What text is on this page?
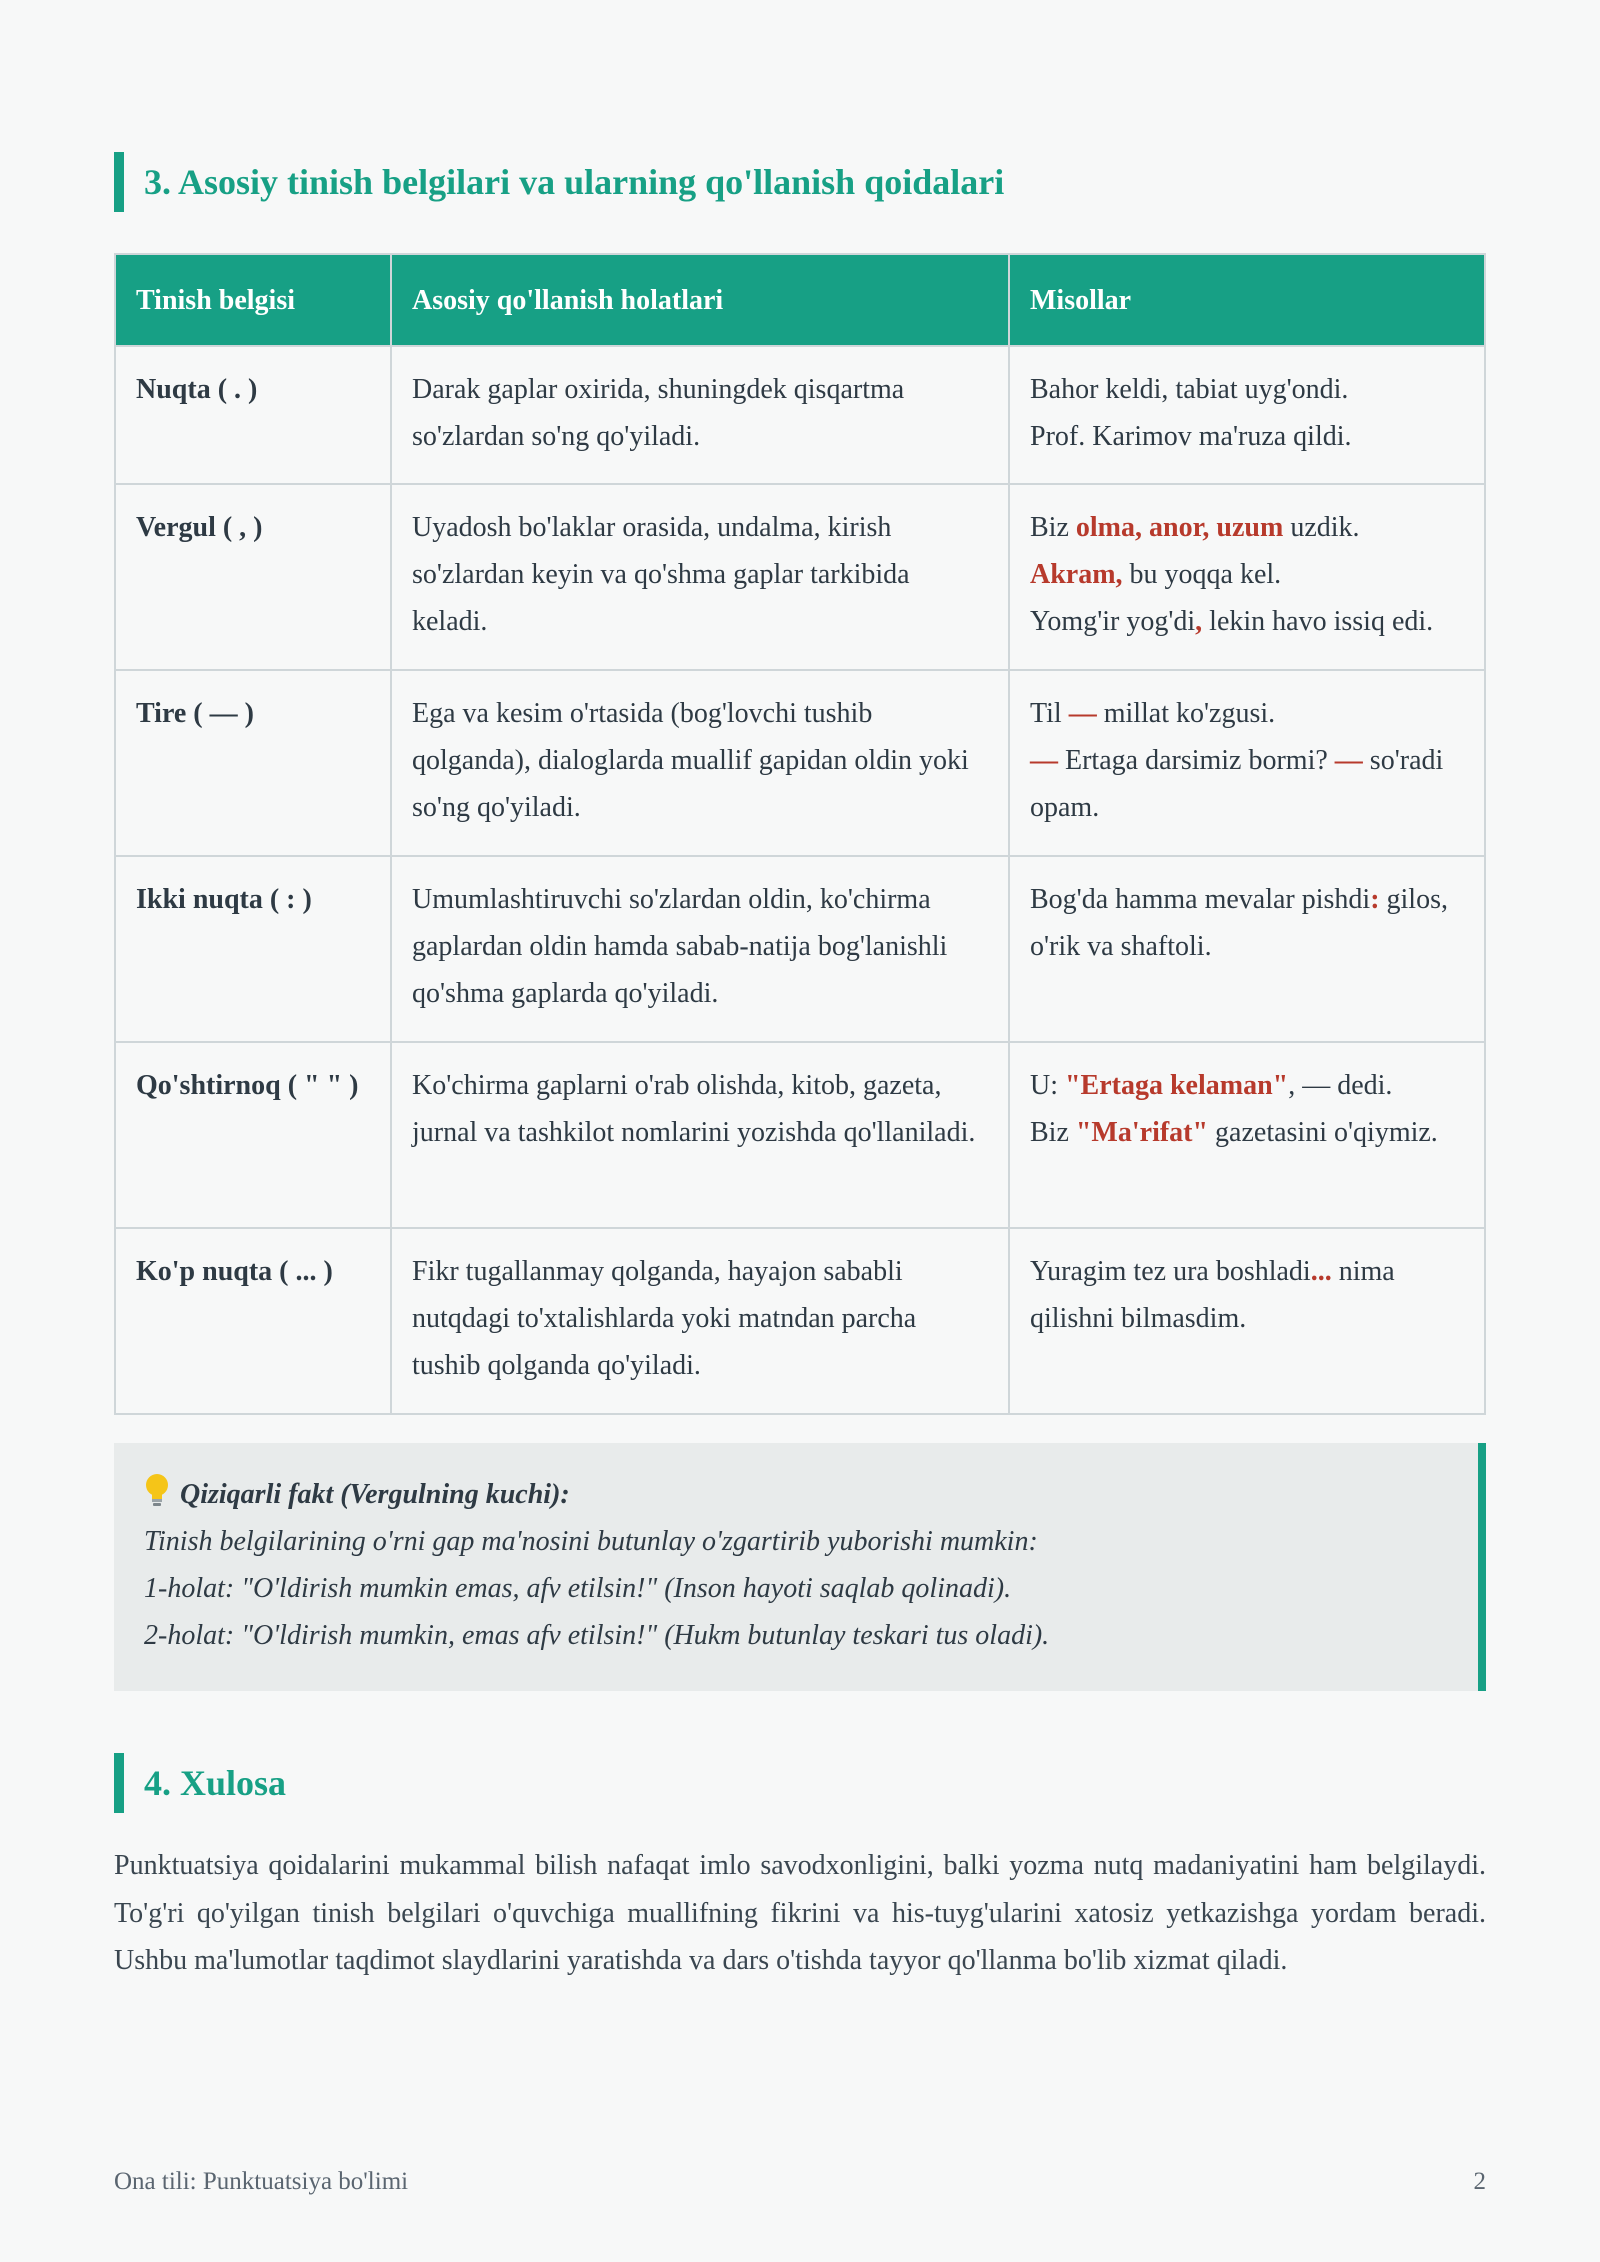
3. Asosiy tinish belgilari va ularning qo'llanish qoidalari
Tinish belgisi	Asosiy qo'llanish holatlari	Misollar
Nuqta ( . )	Darak gaplar oxirida, shuningdek qisqartma so'zlardan so'ng qo'yiladi.	Bahor keldi, tabiat uyg'ondi.
Prof. Karimov ma'ruza qildi.

Vergul ( , )	Uyadosh bo'laklar orasida, undalma, kirish so'zlardan keyin va qo'shma gaplar tarkibida keladi.	Biz olma, anor, uzum uzdik.
Akram, bu yoqqa kel.
Yomg'ir yog'di, lekin havo issiq edi.

Tire ( — )	Ega va kesim o'rtasida (bog'lovchi tushib qolganda), dialoglarda muallif gapidan oldin yoki so'ng qo'yiladi.	Til — millat ko'zgusi.
— Ertaga darsimiz bormi? — so'radi opam.

Ikki nuqta ( : )	Umumlashtiruvchi so'zlardan oldin, ko'chirma gaplardan oldin hamda sabab-natija bog'lanishli qo'shma gaplarda qo'yiladi.	Bog'da hamma mevalar pishdi: gilos, o'rik va shaftoli.

Qo'shtirnoq ( " " )	Ko'chirma gaplarni o'rab olishda, kitob, gazeta, jurnal va tashkilot nomlarini yozishda qo'llaniladi.	U: "Ertaga kelaman", — dedi.
Biz "Ma'rifat" gazetasini o'qiymiz.

Ko'p nuqta ( ... )	Fikr tugallanmay qolganda, hayajon sababli nutqdagi to'xtalishlarda yoki matndan parcha tushib qolganda qo'yiladi.	Yuragim tez ura boshladi... nima qilishni bilmasdim.
Qiziqarli fakt (Vergulning kuchi):
Tinish belgilarining o'rni gap ma'nosini butunlay o'zgartirib yuborishi mumkin:
1-holat: "O'ldirish mumkin emas, afv etilsin!" (Inson hayoti saqlab qolinadi).
2-holat: "O'ldirish mumkin, emas afv etilsin!" (Hukm butunlay teskari tus oladi).
4. Xulosa

Punktuatsiya qoidalarini mukammal bilish nafaqat imlo savodxonligini, balki yozma nutq madaniyatini ham belgilaydi. To'g'ri qo'yilgan tinish belgilari o'quvchiga muallifning fikrini va his-tuyg'ularini xatosiz yetkazishga yordam beradi. Ushbu ma'lumotlar taqdimot slaydlarini yaratishda va dars o'tishda tayyor qo'llanma bo'lib xizmat qiladi.

Ona tili: Punktuatsiya bo'limi	2
